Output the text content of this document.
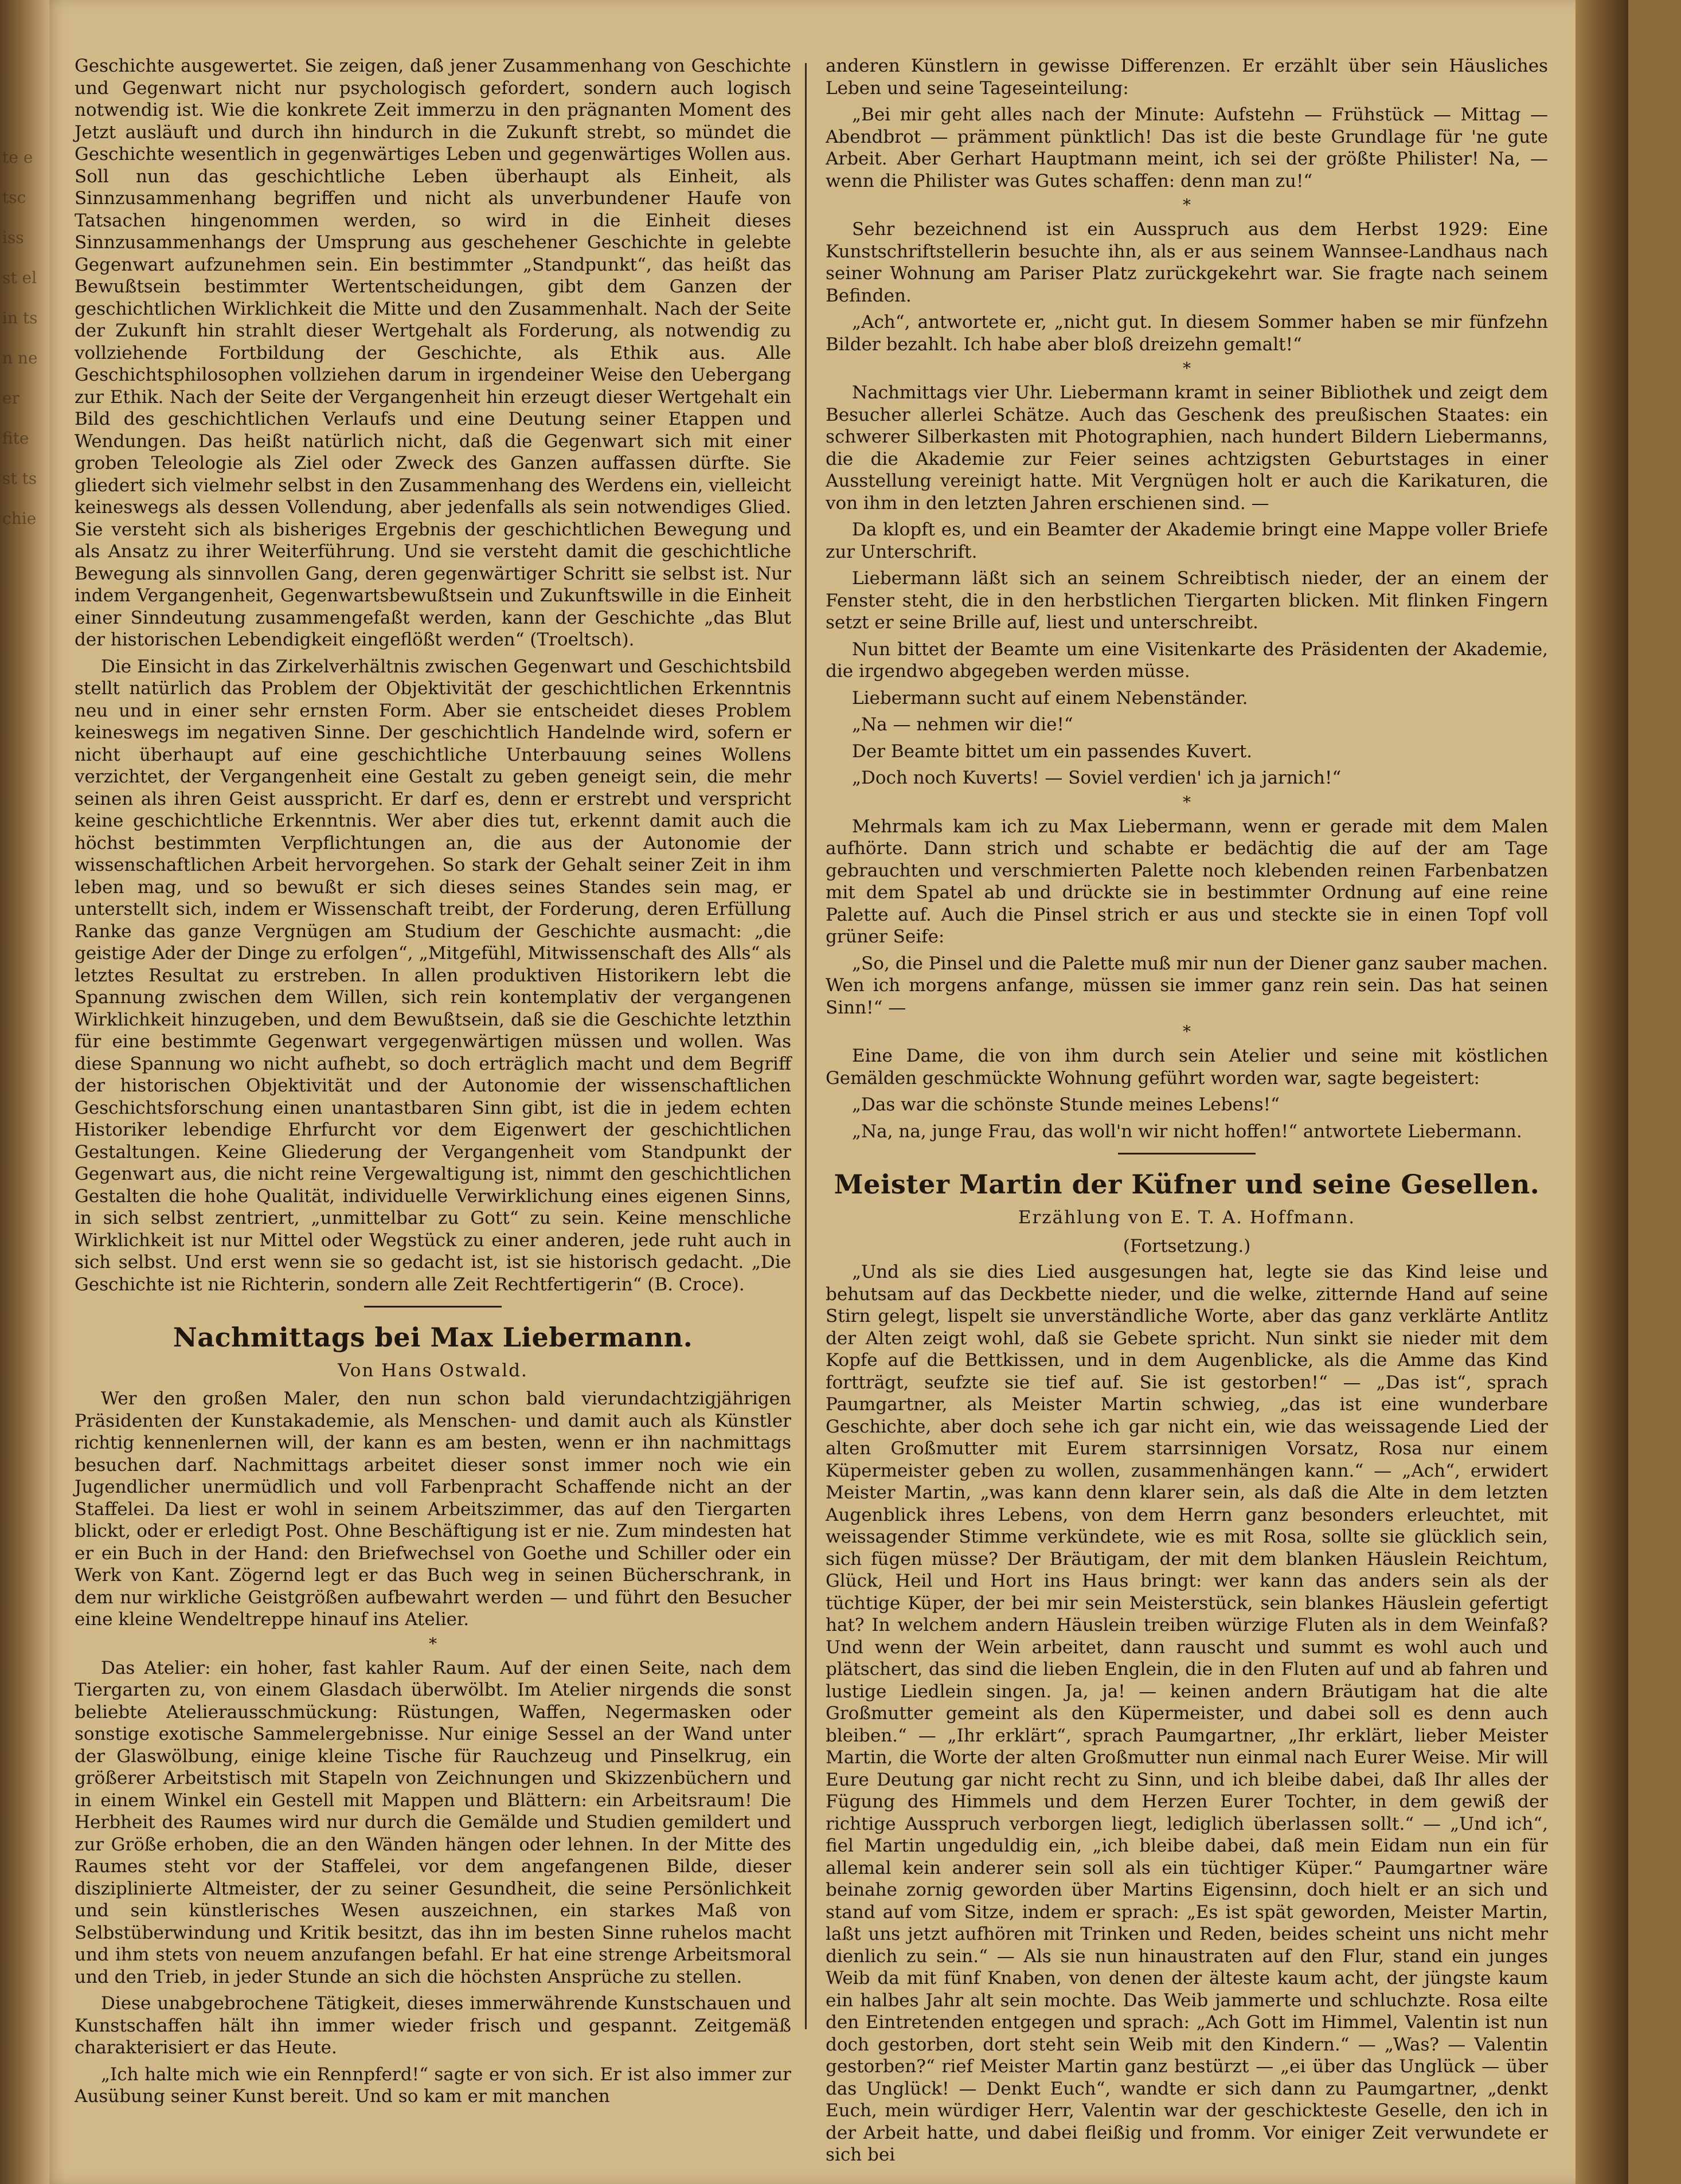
te e tsc iss st el in ts n ne er fite st ts chie

Geschichte ausgewertet. Sie zeigen, daß jener Zusammenhang von Geschichte und Gegenwart nicht nur psychologisch gefordert, sondern auch logisch notwendig ist. Wie die konkrete Zeit immerzu in den prägnanten Moment des Jetzt ausläuft und durch ihn hindurch in die Zukunft strebt, so mündet die Geschichte wesentlich in gegenwärtiges Leben und gegenwärtiges Wollen aus. Soll nun das geschichtliche Leben überhaupt als Einheit, als Sinnzusammenhang begriffen und nicht als unverbundener Haufe von Tatsachen hingenommen werden, so wird in die Einheit dieses Sinnzusammenhangs der Umsprung aus geschehener Geschichte in gelebte Gegenwart aufzunehmen sein. Ein bestimmter „Standpunkt“, das heißt das Bewußtsein bestimmter Wertentscheidungen, gibt dem Ganzen der geschichtlichen Wirklichkeit die Mitte und den Zusammenhalt. Nach der Seite der Zukunft hin strahlt dieser Wertgehalt als Forderung, als notwendig zu vollziehende Fortbildung der Geschichte, als Ethik aus. Alle Geschichtsphilosophen vollziehen darum in irgendeiner Weise den Uebergang zur Ethik. Nach der Seite der Vergangenheit hin erzeugt dieser Wertgehalt ein Bild des geschichtlichen Verlaufs und eine Deutung seiner Etappen und Wendungen. Das heißt natürlich nicht, daß die Gegenwart sich mit einer groben Teleologie als Ziel oder Zweck des Ganzen auffassen dürfte. Sie gliedert sich vielmehr selbst in den Zusammenhang des Werdens ein, vielleicht keineswegs als dessen Vollendung, aber jedenfalls als sein notwendiges Glied. Sie versteht sich als bisheriges Ergebnis der geschichtlichen Bewegung und als Ansatz zu ihrer Weiterführung. Und sie versteht damit die geschichtliche Bewegung als sinnvollen Gang, deren gegenwärtiger Schritt sie selbst ist. Nur indem Vergangenheit, Gegenwartsbewußtsein und Zukunftswille in die Einheit einer Sinndeutung zusammengefaßt werden, kann der Geschichte „das Blut der historischen Lebendigkeit eingeflößt werden“ (Troeltsch).

Die Einsicht in das Zirkelverhältnis zwischen Gegenwart und Geschichtsbild stellt natürlich das Problem der Objektivität der geschichtlichen Erkenntnis neu und in einer sehr ernsten Form. Aber sie entscheidet dieses Problem keineswegs im negativen Sinne. Der geschichtlich Handelnde wird, sofern er nicht überhaupt auf eine geschichtliche Unterbauung seines Wollens verzichtet, der Vergangenheit eine Gestalt zu geben geneigt sein, die mehr seinen als ihren Geist ausspricht. Er darf es, denn er erstrebt und verspricht keine geschichtliche Erkenntnis. Wer aber dies tut, erkennt damit auch die höchst bestimmten Verpflichtungen an, die aus der Autonomie der wissenschaftlichen Arbeit hervorgehen. So stark der Gehalt seiner Zeit in ihm leben mag, und so bewußt er sich dieses seines Standes sein mag, er unterstellt sich, indem er Wissenschaft treibt, der Forderung, deren Erfüllung Ranke das ganze Vergnügen am Studium der Geschichte ausmacht: „die geistige Ader der Dinge zu erfolgen“, „Mitgefühl, Mitwissenschaft des Alls“ als letztes Resultat zu erstreben. In allen produktiven Historikern lebt die Spannung zwischen dem Willen, sich rein kontemplativ der vergangenen Wirklichkeit hinzugeben, und dem Bewußtsein, daß sie die Geschichte letzthin für eine bestimmte Gegenwart vergegenwärtigen müssen und wollen. Was diese Spannung wo nicht aufhebt, so doch erträglich macht und dem Begriff der historischen Objektivität und der Autonomie der wissenschaftlichen Geschichtsforschung einen unantastbaren Sinn gibt, ist die in jedem echten Historiker lebendige Ehrfurcht vor dem Eigenwert der geschichtlichen Gestaltungen. Keine Gliederung der Vergangenheit vom Standpunkt der Gegenwart aus, die nicht reine Vergewaltigung ist, nimmt den geschichtlichen Gestalten die hohe Qualität, individuelle Verwirklichung eines eigenen Sinns, in sich selbst zentriert, „unmittelbar zu Gott“ zu sein. Keine menschliche Wirklichkeit ist nur Mittel oder Wegstück zu einer anderen, jede ruht auch in sich selbst. Und erst wenn sie so gedacht ist, ist sie historisch gedacht. „Die Geschichte ist nie Richterin, sondern alle Zeit Rechtfertigerin“ (B. Croce).

Nachmittags bei Max Liebermann.
Von Hans Ostwald.

Wer den großen Maler, den nun schon bald vierundachtzigjährigen Präsidenten der Kunstakademie, als Menschen- und damit auch als Künstler richtig kennenlernen will, der kann es am besten, wenn er ihn nachmittags besuchen darf. Nachmittags arbeitet dieser sonst immer noch wie ein Jugendlicher unermüdlich und voll Farbenpracht Schaffende nicht an der Staffelei. Da liest er wohl in seinem Arbeitszimmer, das auf den Tiergarten blickt, oder er erledigt Post. Ohne Beschäftigung ist er nie. Zum mindesten hat er ein Buch in der Hand: den Briefwechsel von Goethe und Schiller oder ein Werk von Kant. Zögernd legt er das Buch weg in seinen Bücherschrank, in dem nur wirkliche Geistgrößen aufbewahrt werden — und führt den Besucher eine kleine Wendeltreppe hinauf ins Atelier.

*

Das Atelier: ein hoher, fast kahler Raum. Auf der einen Seite, nach dem Tiergarten zu, von einem Glasdach überwölbt. Im Atelier nirgends die sonst beliebte Atelierausschmückung: Rüstungen, Waffen, Negermasken oder sonstige exotische Sammelergebnisse. Nur einige Sessel an der Wand unter der Glaswölbung, einige kleine Tische für Rauchzeug und Pinselkrug, ein größerer Arbeitstisch mit Stapeln von Zeichnungen und Skizzenbüchern und in einem Winkel ein Gestell mit Mappen und Blättern: ein Arbeitsraum! Die Herbheit des Raumes wird nur durch die Gemälde und Studien gemildert und zur Größe erhoben, die an den Wänden hängen oder lehnen. In der Mitte des Raumes steht vor der Staffelei, vor dem angefangenen Bilde, dieser disziplinierte Altmeister, der zu seiner Gesundheit, die seine Persönlichkeit und sein künstlerisches Wesen auszeichnen, ein starkes Maß von Selbstüberwindung und Kritik besitzt, das ihn im besten Sinne ruhelos macht und ihm stets von neuem anzufangen befahl. Er hat eine strenge Arbeitsmoral und den Trieb, in jeder Stunde an sich die höchsten Ansprüche zu stellen.

Diese unabgebrochene Tätigkeit, dieses immerwährende Kunstschauen und Kunstschaffen hält ihn immer wieder frisch und gespannt. Zeitgemäß charakterisiert er das Heute.

„Ich halte mich wie ein Rennpferd!“ sagte er von sich. Er ist also immer zur Ausübung seiner Kunst bereit. Und so kam er mit manchen

anderen Künstlern in gewisse Differenzen. Er erzählt über sein Häusliches Leben und seine Tageseinteilung:

„Bei mir geht alles nach der Minute: Aufstehn — Frühstück — Mittag — Abendbrot — prämment pünktlich! Das ist die beste Grundlage für 'ne gute Arbeit. Aber Gerhart Hauptmann meint, ich sei der größte Philister! Na, — wenn die Philister was Gutes schaffen: denn man zu!“

*

Sehr bezeichnend ist ein Ausspruch aus dem Herbst 1929: Eine Kunstschriftstellerin besuchte ihn, als er aus seinem Wannsee-Landhaus nach seiner Wohnung am Pariser Platz zurückgekehrt war. Sie fragte nach seinem Befinden.

„Ach“, antwortete er, „nicht gut. In diesem Sommer haben se mir fünfzehn Bilder bezahlt. Ich habe aber bloß dreizehn gemalt!“

*

Nachmittags vier Uhr. Liebermann kramt in seiner Bibliothek und zeigt dem Besucher allerlei Schätze. Auch das Geschenk des preußischen Staates: ein schwerer Silberkasten mit Photographien, nach hundert Bildern Liebermanns, die die Akademie zur Feier seines achtzigsten Geburtstages in einer Ausstellung vereinigt hatte. Mit Vergnügen holt er auch die Karikaturen, die von ihm in den letzten Jahren erschienen sind. —

Da klopft es, und ein Beamter der Akademie bringt eine Mappe voller Briefe zur Unterschrift.

Liebermann läßt sich an seinem Schreibtisch nieder, der an einem der Fenster steht, die in den herbstlichen Tiergarten blicken. Mit flinken Fingern setzt er seine Brille auf, liest und unterschreibt.

Nun bittet der Beamte um eine Visitenkarte des Präsidenten der Akademie, die irgendwo abgegeben werden müsse.

Liebermann sucht auf einem Nebenständer.

„Na — nehmen wir die!“

Der Beamte bittet um ein passendes Kuvert.

„Doch noch Kuverts! — Soviel verdien' ich ja jarnich!“

*

Mehrmals kam ich zu Max Liebermann, wenn er gerade mit dem Malen aufhörte. Dann strich und schabte er bedächtig die auf der am Tage gebrauchten und verschmierten Palette noch klebenden reinen Farbenbatzen mit dem Spatel ab und drückte sie in bestimmter Ordnung auf eine reine Palette auf. Auch die Pinsel strich er aus und steckte sie in einen Topf voll grüner Seife:

„So, die Pinsel und die Palette muß mir nun der Diener ganz sauber machen. Wen ich morgens anfange, müssen sie immer ganz rein sein. Das hat seinen Sinn!“ —

*

Eine Dame, die von ihm durch sein Atelier und seine mit köstlichen Gemälden geschmückte Wohnung geführt worden war, sagte begeistert:

„Das war die schönste Stunde meines Lebens!“

„Na, na, junge Frau, das woll'n wir nicht hoffen!“ antwortete Liebermann.

Meister Martin der Küfner und seine Gesellen.
Erzählung von E. T. A. Hoffmann.
(Fortsetzung.)

„Und als sie dies Lied ausgesungen hat, legte sie das Kind leise und behutsam auf das Deckbette nieder, und die welke, zitternde Hand auf seine Stirn gelegt, lispelt sie unverständliche Worte, aber das ganz verklärte Antlitz der Alten zeigt wohl, daß sie Gebete spricht. Nun sinkt sie nieder mit dem Kopfe auf die Bettkissen, und in dem Augenblicke, als die Amme das Kind fortträgt, seufzte sie tief auf. Sie ist gestorben!“ — „Das ist“, sprach Paumgartner, als Meister Martin schwieg, „das ist eine wunderbare Geschichte, aber doch sehe ich gar nicht ein, wie das weissagende Lied der alten Großmutter mit Eurem starrsinnigen Vorsatz, Rosa nur einem Küpermeister geben zu wollen, zusammenhängen kann.“ — „Ach“, erwidert Meister Martin, „was kann denn klarer sein, als daß die Alte in dem letzten Augenblick ihres Lebens, von dem Herrn ganz besonders erleuchtet, mit weissagender Stimme verkündete, wie es mit Rosa, sollte sie glücklich sein, sich fügen müsse? Der Bräutigam, der mit dem blanken Häuslein Reichtum, Glück, Heil und Hort ins Haus bringt: wer kann das anders sein als der tüchtige Küper, der bei mir sein Meisterstück, sein blankes Häuslein gefertigt hat? In welchem andern Häuslein treiben würzige Fluten als in dem Weinfaß? Und wenn der Wein arbeitet, dann rauscht und summt es wohl auch und plätschert, das sind die lieben Englein, die in den Fluten auf und ab fahren und lustige Liedlein singen. Ja, ja! — keinen andern Bräutigam hat die alte Großmutter gemeint als den Küpermeister, und dabei soll es denn auch bleiben.“ — „Ihr erklärt“, sprach Paumgartner, „Ihr erklärt, lieber Meister Martin, die Worte der alten Großmutter nun einmal nach Eurer Weise. Mir will Eure Deutung gar nicht recht zu Sinn, und ich bleibe dabei, daß Ihr alles der Fügung des Himmels und dem Herzen Eurer Tochter, in dem gewiß der richtige Ausspruch verborgen liegt, lediglich überlassen sollt.“ — „Und ich“, fiel Martin ungeduldig ein, „ich bleibe dabei, daß mein Eidam nun ein für allemal kein anderer sein soll als ein tüchtiger Küper.“ Paumgartner wäre beinahe zornig geworden über Martins Eigensinn, doch hielt er an sich und stand auf vom Sitze, indem er sprach: „Es ist spät geworden, Meister Martin, laßt uns jetzt aufhören mit Trinken und Reden, beides scheint uns nicht mehr dienlich zu sein.“ — Als sie nun hinaustraten auf den Flur, stand ein junges Weib da mit fünf Knaben, von denen der älteste kaum acht, der jüngste kaum ein halbes Jahr alt sein mochte. Das Weib jammerte und schluchzte. Rosa eilte den Eintretenden entgegen und sprach: „Ach Gott im Himmel, Valentin ist nun doch gestorben, dort steht sein Weib mit den Kindern.“ — „Was? — Valentin gestorben?“ rief Meister Martin ganz bestürzt — „ei über das Unglück — über das Unglück! — Denkt Euch“, wandte er sich dann zu Paumgartner, „denkt Euch, mein würdiger Herr, Valentin war der geschickteste Geselle, den ich in der Arbeit hatte, und dabei fleißig und fromm. Vor einiger Zeit verwundete er sich bei
